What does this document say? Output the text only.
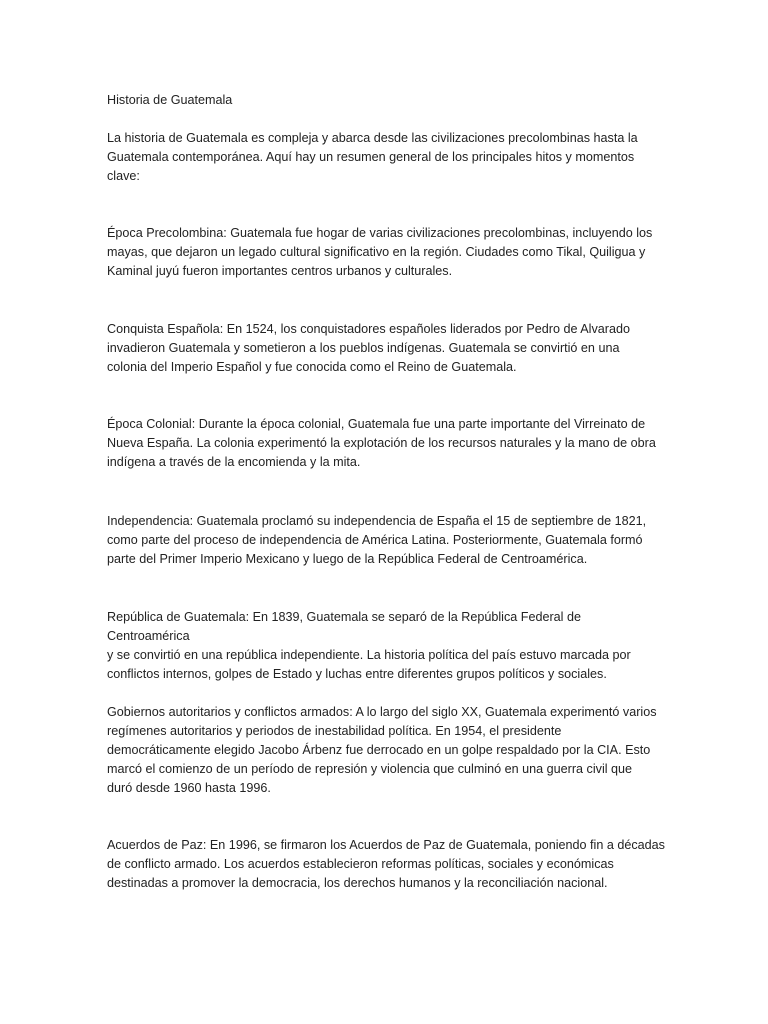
Historia de Guatemala

La historia de Guatemala es compleja y abarca desde las civilizaciones precolombinas hasta la
Guatemala contemporánea. Aquí hay un resumen general de los principales hitos y momentos
clave:

Época Precolombina: Guatemala fue hogar de varias civilizaciones precolombinas, incluyendo los
mayas, que dejaron un legado cultural significativo en la región. Ciudades como Tikal, Quiligua y
Kaminal juyú fueron importantes centros urbanos y culturales.

Conquista Española: En 1524, los conquistadores españoles liderados por Pedro de Alvarado
invadieron Guatemala y sometieron a los pueblos indígenas. Guatemala se convirtió en una
colonia del Imperio Español y fue conocida como el Reino de Guatemala.

Época Colonial: Durante la época colonial, Guatemala fue una parte importante del Virreinato de
Nueva España. La colonia experimentó la explotación de los recursos naturales y la mano de obra
indígena a través de la encomienda y la mita.

Independencia: Guatemala proclamó su independencia de España el 15 de septiembre de 1821,
como parte del proceso de independencia de América Latina. Posteriormente, Guatemala formó
parte del Primer Imperio Mexicano y luego de la República Federal de Centroamérica.

República de Guatemala: En 1839, Guatemala se separó de la República Federal de Centroamérica
y se convirtió en una república independiente. La historia política del país estuvo marcada por
conflictos internos, golpes de Estado y luchas entre diferentes grupos políticos y sociales.

Gobiernos autoritarios y conflictos armados: A lo largo del siglo XX, Guatemala experimentó varios
regímenes autoritarios y periodos de inestabilidad política. En 1954, el presidente
democráticamente elegido Jacobo Árbenz fue derrocado en un golpe respaldado por la CIA. Esto
marcó el comienzo de un período de represión y violencia que culminó en una guerra civil que
duró desde 1960 hasta 1996.

Acuerdos de Paz: En 1996, se firmaron los Acuerdos de Paz de Guatemala, poniendo fin a décadas
de conflicto armado. Los acuerdos establecieron reformas políticas, sociales y económicas
destinadas a promover la democracia, los derechos humanos y la reconciliación nacional.
